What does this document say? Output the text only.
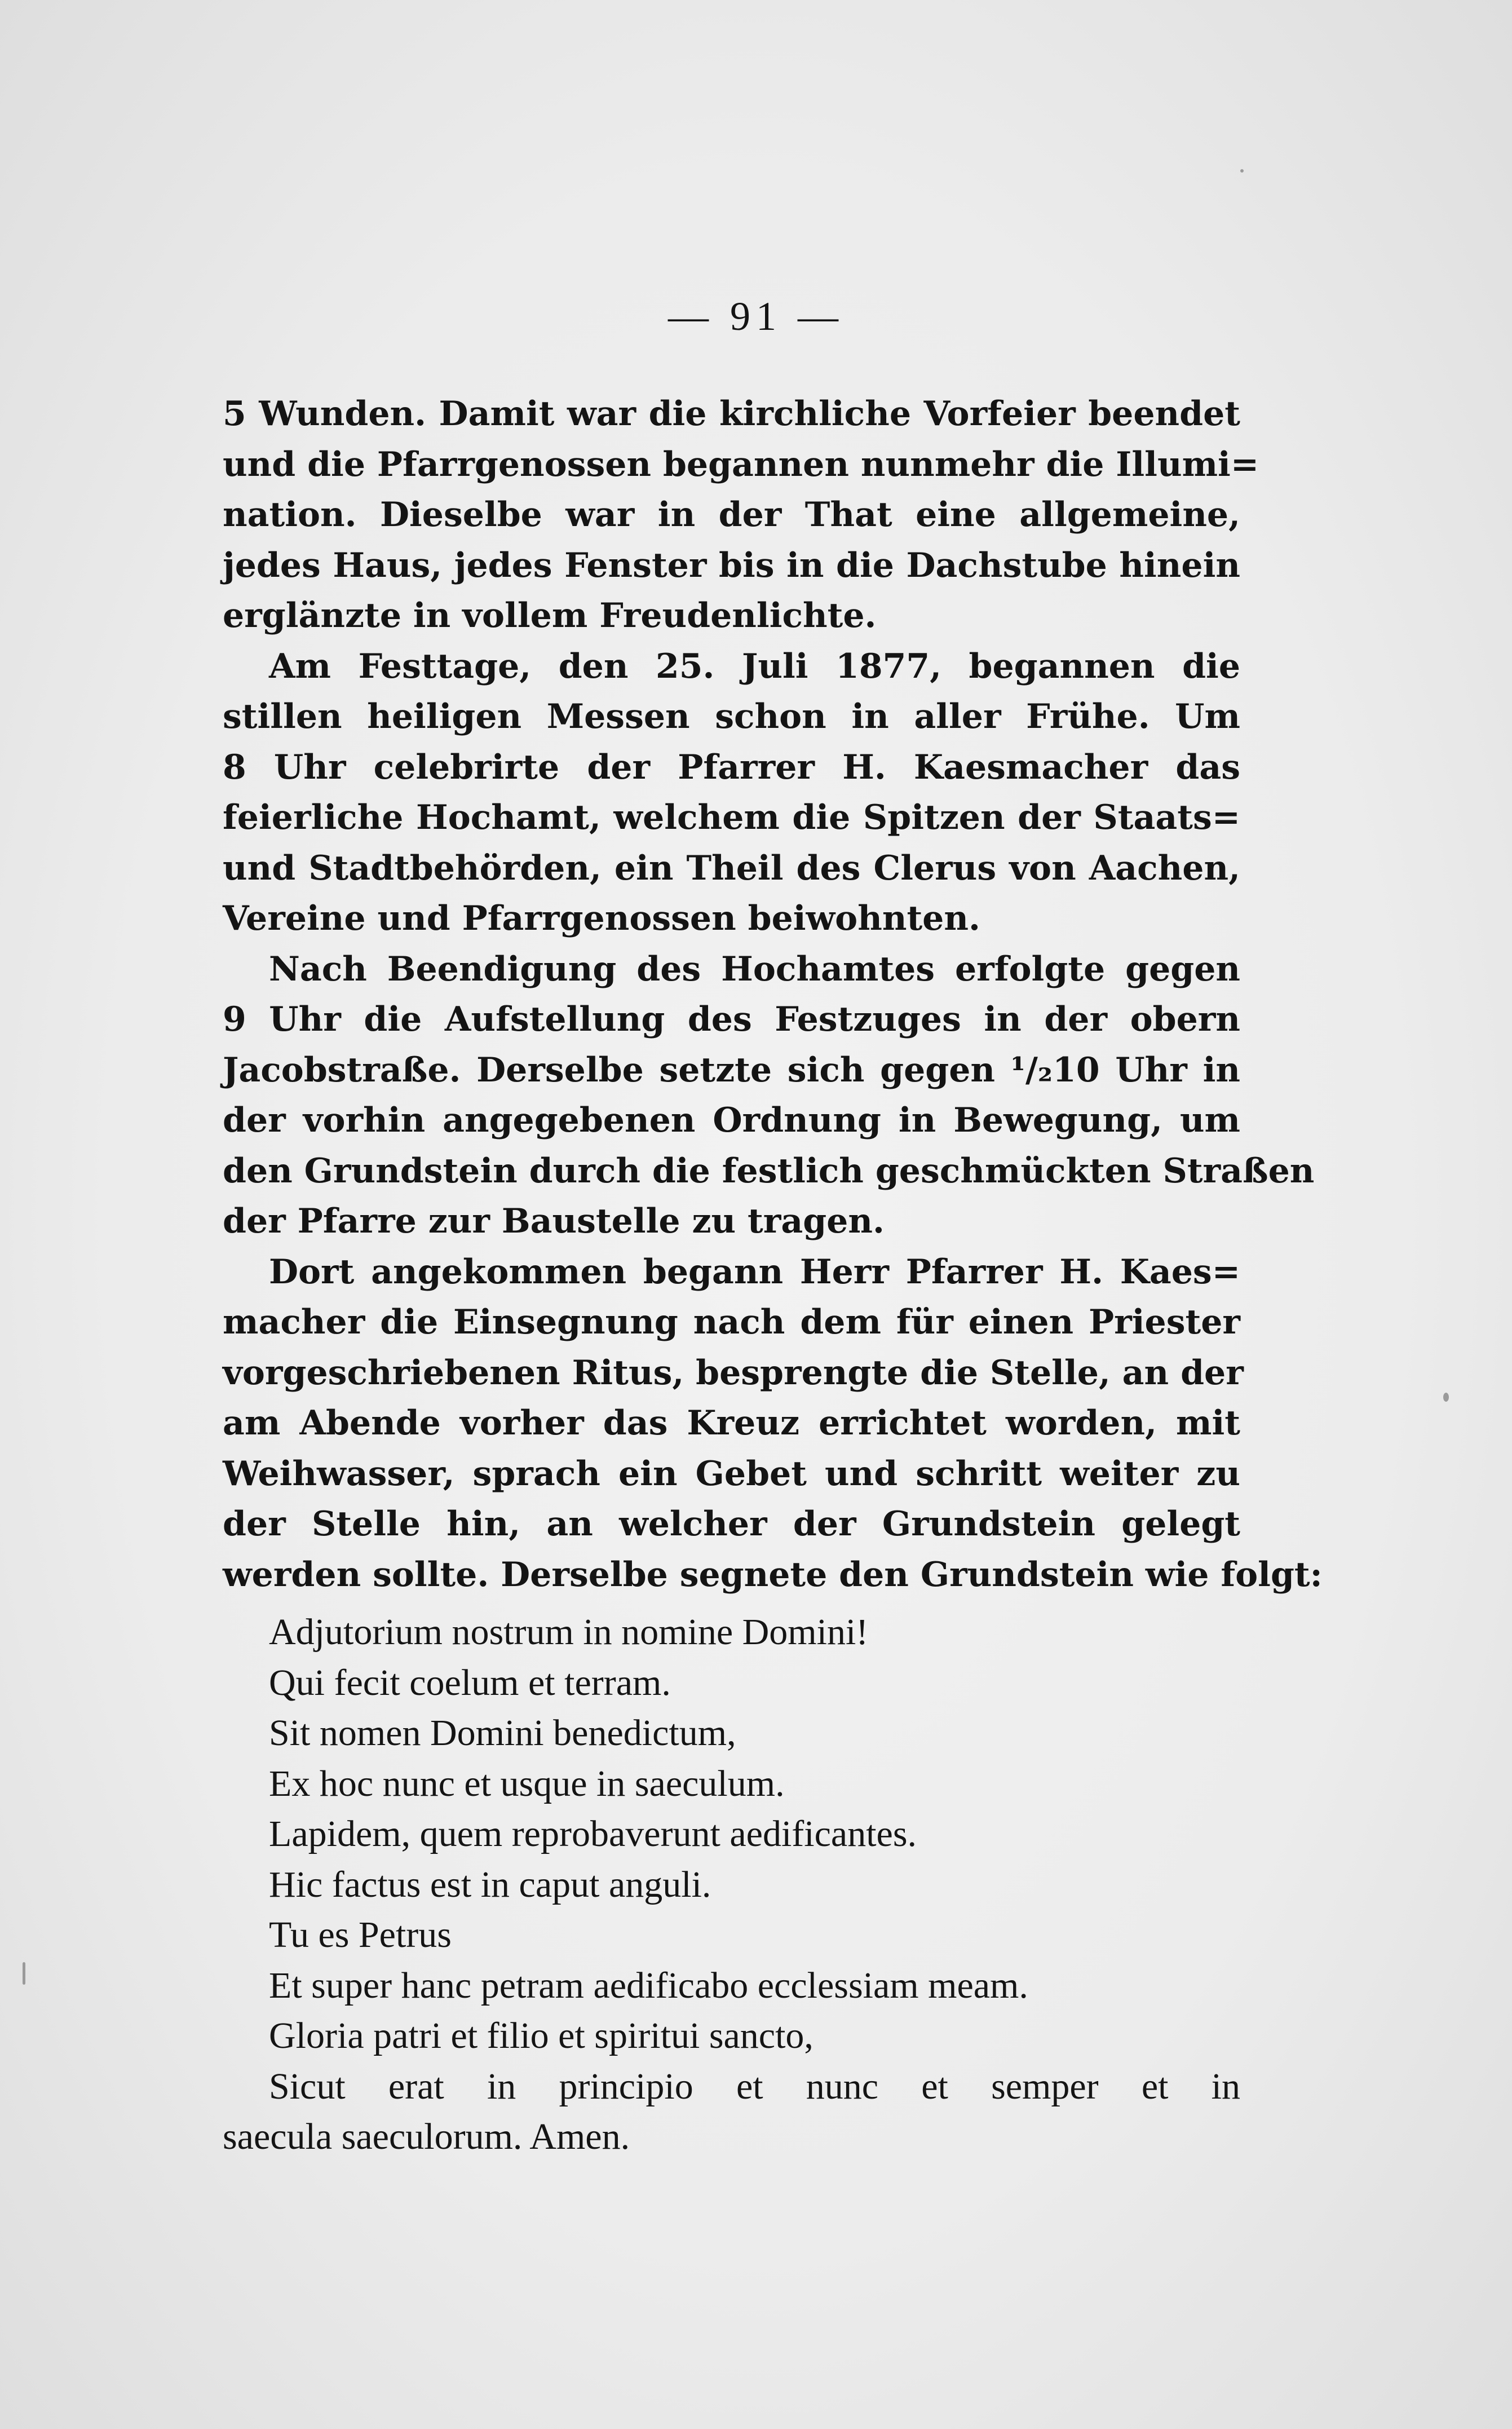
— 91 —
5 Wunden. Damit war die kirchliche Vorfeier beendet
und die Pfarrgenossen begannen nunmehr die Illumi=
nation. Dieselbe war in der That eine allgemeine,
jedes Haus, jedes Fenster bis in die Dachstube hinein
erglänzte in vollem Freudenlichte.
Am Festtage, den 25. Juli 1877, begannen die
stillen heiligen Messen schon in aller Frühe. Um
8 Uhr celebrirte der Pfarrer H. Kaesmacher das
feierliche Hochamt, welchem die Spitzen der Staats=
und Stadtbehörden, ein Theil des Clerus von Aachen,
Vereine und Pfarrgenossen beiwohnten.
Nach Beendigung des Hochamtes erfolgte gegen
9 Uhr die Aufstellung des Festzuges in der obern
Jacobstraße. Derselbe setzte sich gegen ¹/₂10 Uhr in
der vorhin angegebenen Ordnung in Bewegung, um
den Grundstein durch die festlich geschmückten Straßen
der Pfarre zur Baustelle zu tragen.
Dort angekommen begann Herr Pfarrer H. Kaes=
macher die Einsegnung nach dem für einen Priester
vorgeschriebenen Ritus, besprengte die Stelle, an der
am Abende vorher das Kreuz errichtet worden, mit
Weihwasser, sprach ein Gebet und schritt weiter zu
der Stelle hin, an welcher der Grundstein gelegt
werden sollte. Derselbe segnete den Grundstein wie folgt:
Adjutorium nostrum in nomine Domini!
Qui fecit coelum et terram.
Sit nomen Domini benedictum,
Ex hoc nunc et usque in saeculum.
Lapidem, quem reprobaverunt aedificantes.
Hic factus est in caput anguli.
Tu es Petrus
Et super hanc petram aedificabo ecclessiam meam.
Gloria patri et filio et spiritui sancto,
Sicut erat in principio et nunc et semper et in
saecula saeculorum. Amen.
